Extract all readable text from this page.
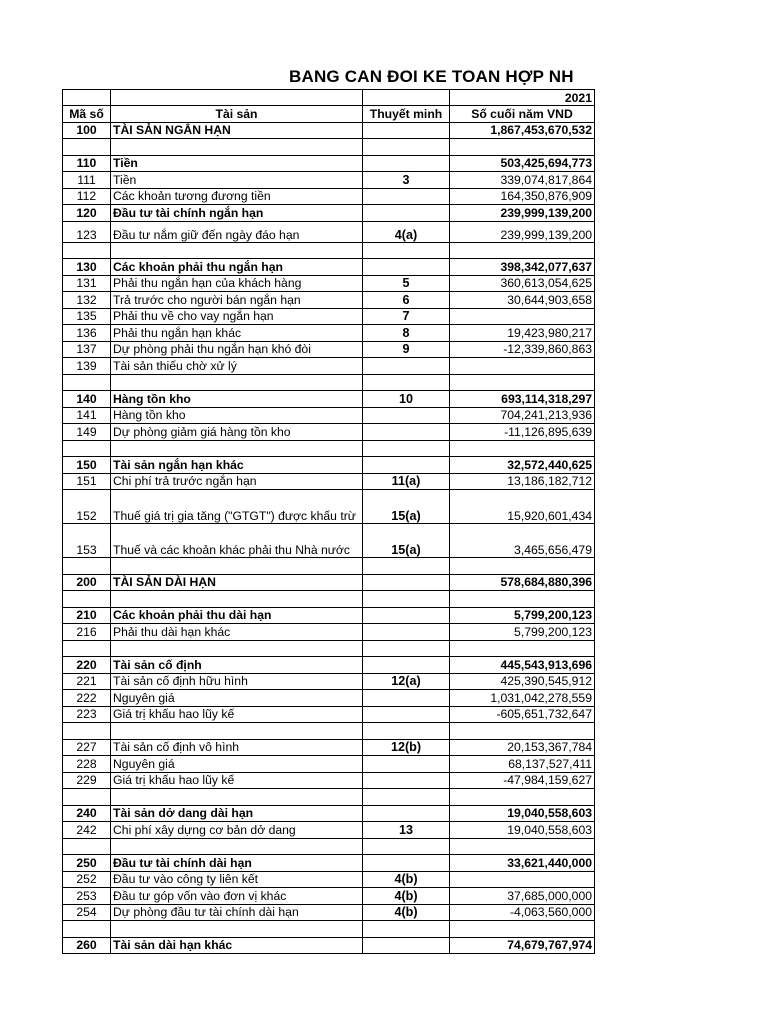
BANG CAN ĐOI KE TOAN HỢP NH
			2021
Mã số	Tài sản	Thuyết minh	Số cuối năm VND
100	TÀI SẢN NGẮN HẠN		1,867,453,670,532

110	Tiền		503,425,694,773
111	Tiền	3	339,074,817,864
112	Các khoản tương đương tiền		164,350,876,909
120	Đầu tư tài chính ngắn hạn		239,999,139,200
123	Đầu tư nắm giữ đến ngày đáo hạn	4(a)	239,999,139,200

130	Các khoản phải thu ngắn hạn		398,342,077,637
131	Phải thu ngắn hạn của khách hàng	5	360,613,054,625
132	Trả trước cho người bán ngắn hạn	6	30,644,903,658
135	Phải thu về cho vay ngắn hạn	7	
136	Phải thu ngắn hạn khác	8	19,423,980,217
137	Dự phòng phải thu ngắn hạn khó đòi	9	-12,339,860,863
139	Tài sản thiếu chờ xử lý		

140	Hàng tồn kho	10	693,114,318,297
141	Hàng tồn kho		704,241,213,936
149	Dự phòng giảm giá hàng tồn kho		-11,126,895,639

150	Tài sản ngắn hạn khác		32,572,440,625
151	Chi phí trả trước ngắn hạn	11(a)	13,186,182,712
152	Thuế giá trị gia tăng ("GTGT") được khấu trừ	15(a)	15,920,601,434
153	Thuế và các khoản khác phải thu Nhà nước	15(a)	3,465,656,479

200	TÀI SẢN DÀI HẠN		578,684,880,396

210	Các khoản phải thu dài hạn		5,799,200,123
216	Phải thu dài hạn khác		5,799,200,123

220	Tài sản cố định		445,543,913,696
221	Tài sản cố định hữu hình	12(a)	425,390,545,912
222	Nguyên giá		1,031,042,278,559
223	Giá trị khấu hao lũy kế		-605,651,732,647

227	Tài sản cố định vô hình	12(b)	20,153,367,784
228	Nguyên giá		68,137,527,411
229	Giá trị khấu hao lũy kế		-47,984,159,627

240	Tài sản dở dang dài hạn		19,040,558,603
242	Chi phí xây dựng cơ bản dở dang	13	19,040,558,603

250	Đầu tư tài chính dài hạn		33,621,440,000
252	Đầu tư vào công ty liên kết	4(b)	
253	Đầu tư góp vốn vào đơn vị khác	4(b)	37,685,000,000
254	Dự phòng đầu tư tài chính dài hạn	4(b)	-4,063,560,000

260	Tài sản dài hạn khác		74,679,767,974
